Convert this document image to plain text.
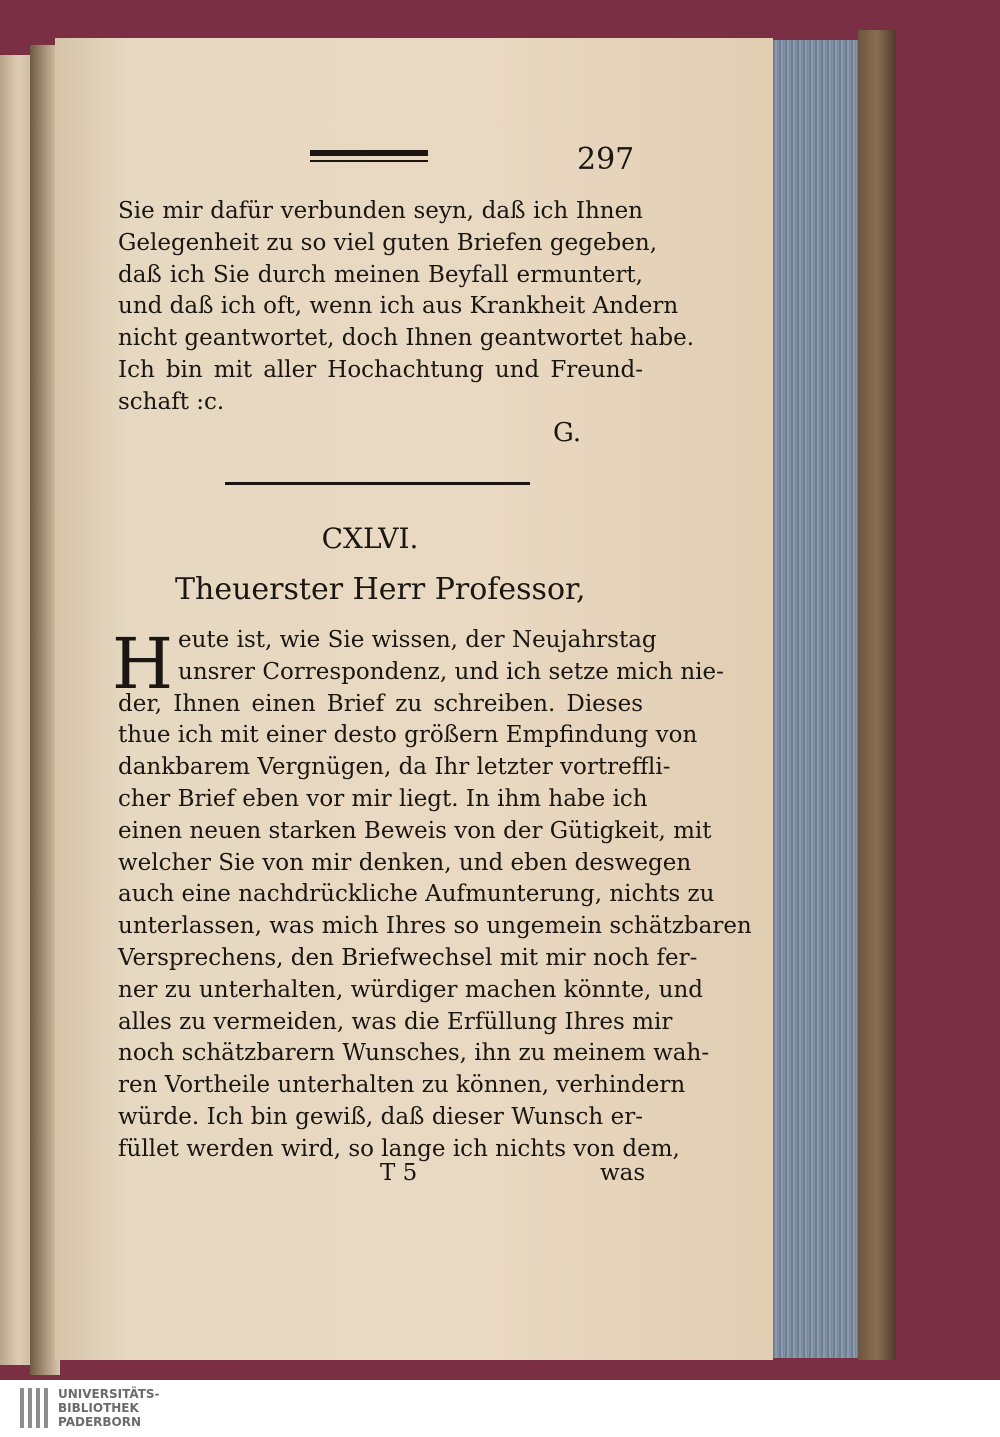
297
Sie mir dafür verbunden seyn, daß ich Ihnen
Gelegenheit zu so viel guten Briefen gegeben,
daß ich Sie durch meinen Beyfall ermuntert,
und daß ich oft, wenn ich aus Krankheit Andern
nicht geantwortet, doch Ihnen geantwortet habe.
Ich bin mit aller Hochachtung und Freund-
schaft :c.
G.
CXLVI.
Theuerster Herr Professor,
H eute ist, wie Sie wissen, der Neujahrstag
unsrer Correspondenz, und ich setze mich nie-
der, Ihnen einen Brief zu schreiben. Dieses
thue ich mit einer desto größern Empfindung von
dankbarem Vergnügen, da Ihr letzter vortreffli-
cher Brief eben vor mir liegt. In ihm habe ich
einen neuen starken Beweis von der Gütigkeit, mit
welcher Sie von mir denken, und eben deswegen
auch eine nachdrückliche Aufmunterung, nichts zu
unterlassen, was mich Ihres so ungemein schätzbaren
Versprechens, den Briefwechsel mit mir noch fer-
ner zu unterhalten, würdiger machen könnte, und
alles zu vermeiden, was die Erfüllung Ihres mir
noch schätzbarern Wunsches, ihn zu meinem wah-
ren Vortheile unterhalten zu können, verhindern
würde. Ich bin gewiß, daß dieser Wunsch er-
füllet werden wird, so lange ich nichts von dem,
T 5	was
UNIVERSITÄTS-
BIBLIOTHEK
PADERBORN
